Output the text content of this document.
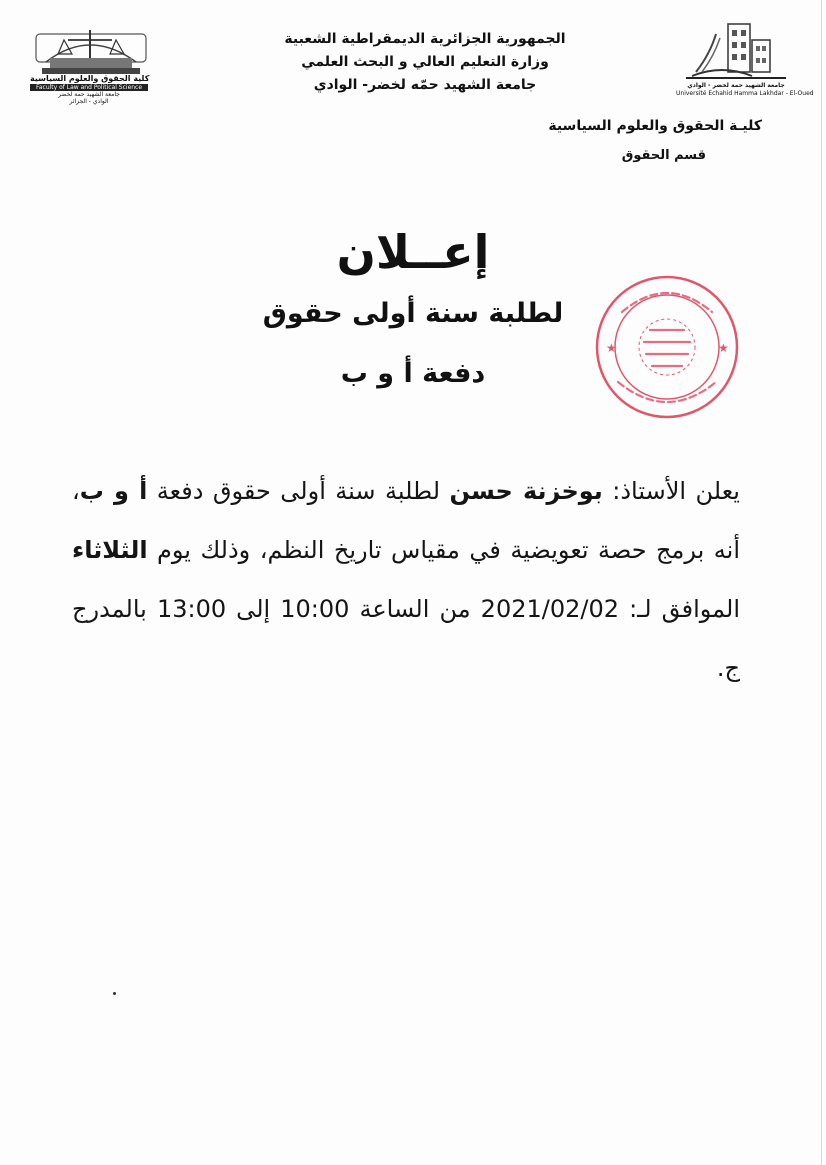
كلية الحقوق والعلوم السياسية
Faculty of Law and Political Science
جامعة الشهيد حمة لخضر
الوادي - الجزائر
الجمهورية الجزائرية الديمقراطية الشعبية
وزارة التعليم العالي و البحث العلمي
جامعة الشهيد حمّه لخضر- الوادي	جامعة الشهيد حمة لخضر - الوادي
Université Echahid Hamma Lakhdar - El-Oued
كليـة الحقوق والعلوم السياسية
قسم الحقوق
إعــلان
لطلبة سنة أولى حقوق
دفعة أ و ب
★	★
يعلن الأستاذ: بوخزنة حسن لطلبة سنة أولى حقوق دفعة أ و ب، أنه برمج حصة تعويضية في مقياس تاريخ النظم، وذلك يوم الثلاثاء الموافق لـ: 2021/02/02 من الساعة 10:00 إلى 13:00 بالمدرج ج.
